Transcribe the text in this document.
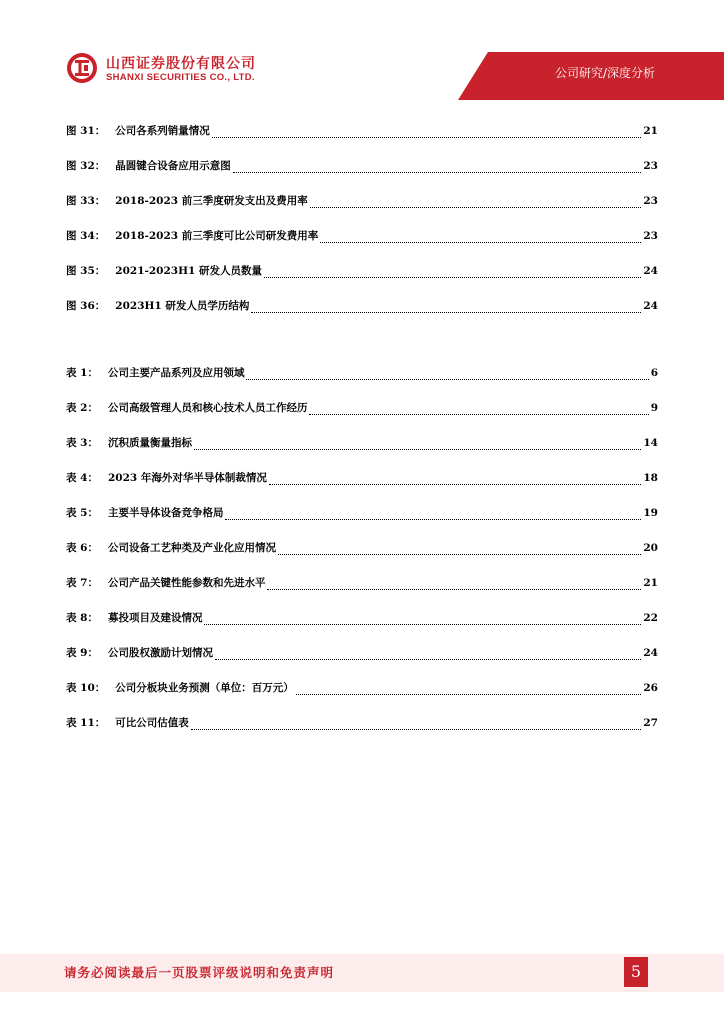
公司研究/深度分析
山西证券股份有限公司
SHANXI SECURITIES CO., LTD.
图 31： 公司各系列销量情况	21
图 32： 晶圆键合设备应用示意图	23
图 33： 2018-2023 前三季度研发支出及费用率	23
图 34： 2018-2023 前三季度可比公司研发费用率	23
图 35： 2021-2023H1 研发人员数量	24
图 36： 2023H1 研发人员学历结构	24
表 1： 公司主要产品系列及应用领域	6
表 2： 公司高级管理人员和核心技术人员工作经历	9
表 3： 沉积质量衡量指标	14
表 4： 2023 年海外对华半导体制裁情况	18
表 5： 主要半导体设备竞争格局	19
表 6： 公司设备工艺种类及产业化应用情况	20
表 7： 公司产品关键性能参数和先进水平	21
表 8： 募投项目及建设情况	22
表 9： 公司股权激励计划情况	24
表 10： 公司分板块业务预测（单位：百万元）	26
表 11： 可比公司估值表	27
请务必阅读最后一页股票评级说明和免责声明	5
